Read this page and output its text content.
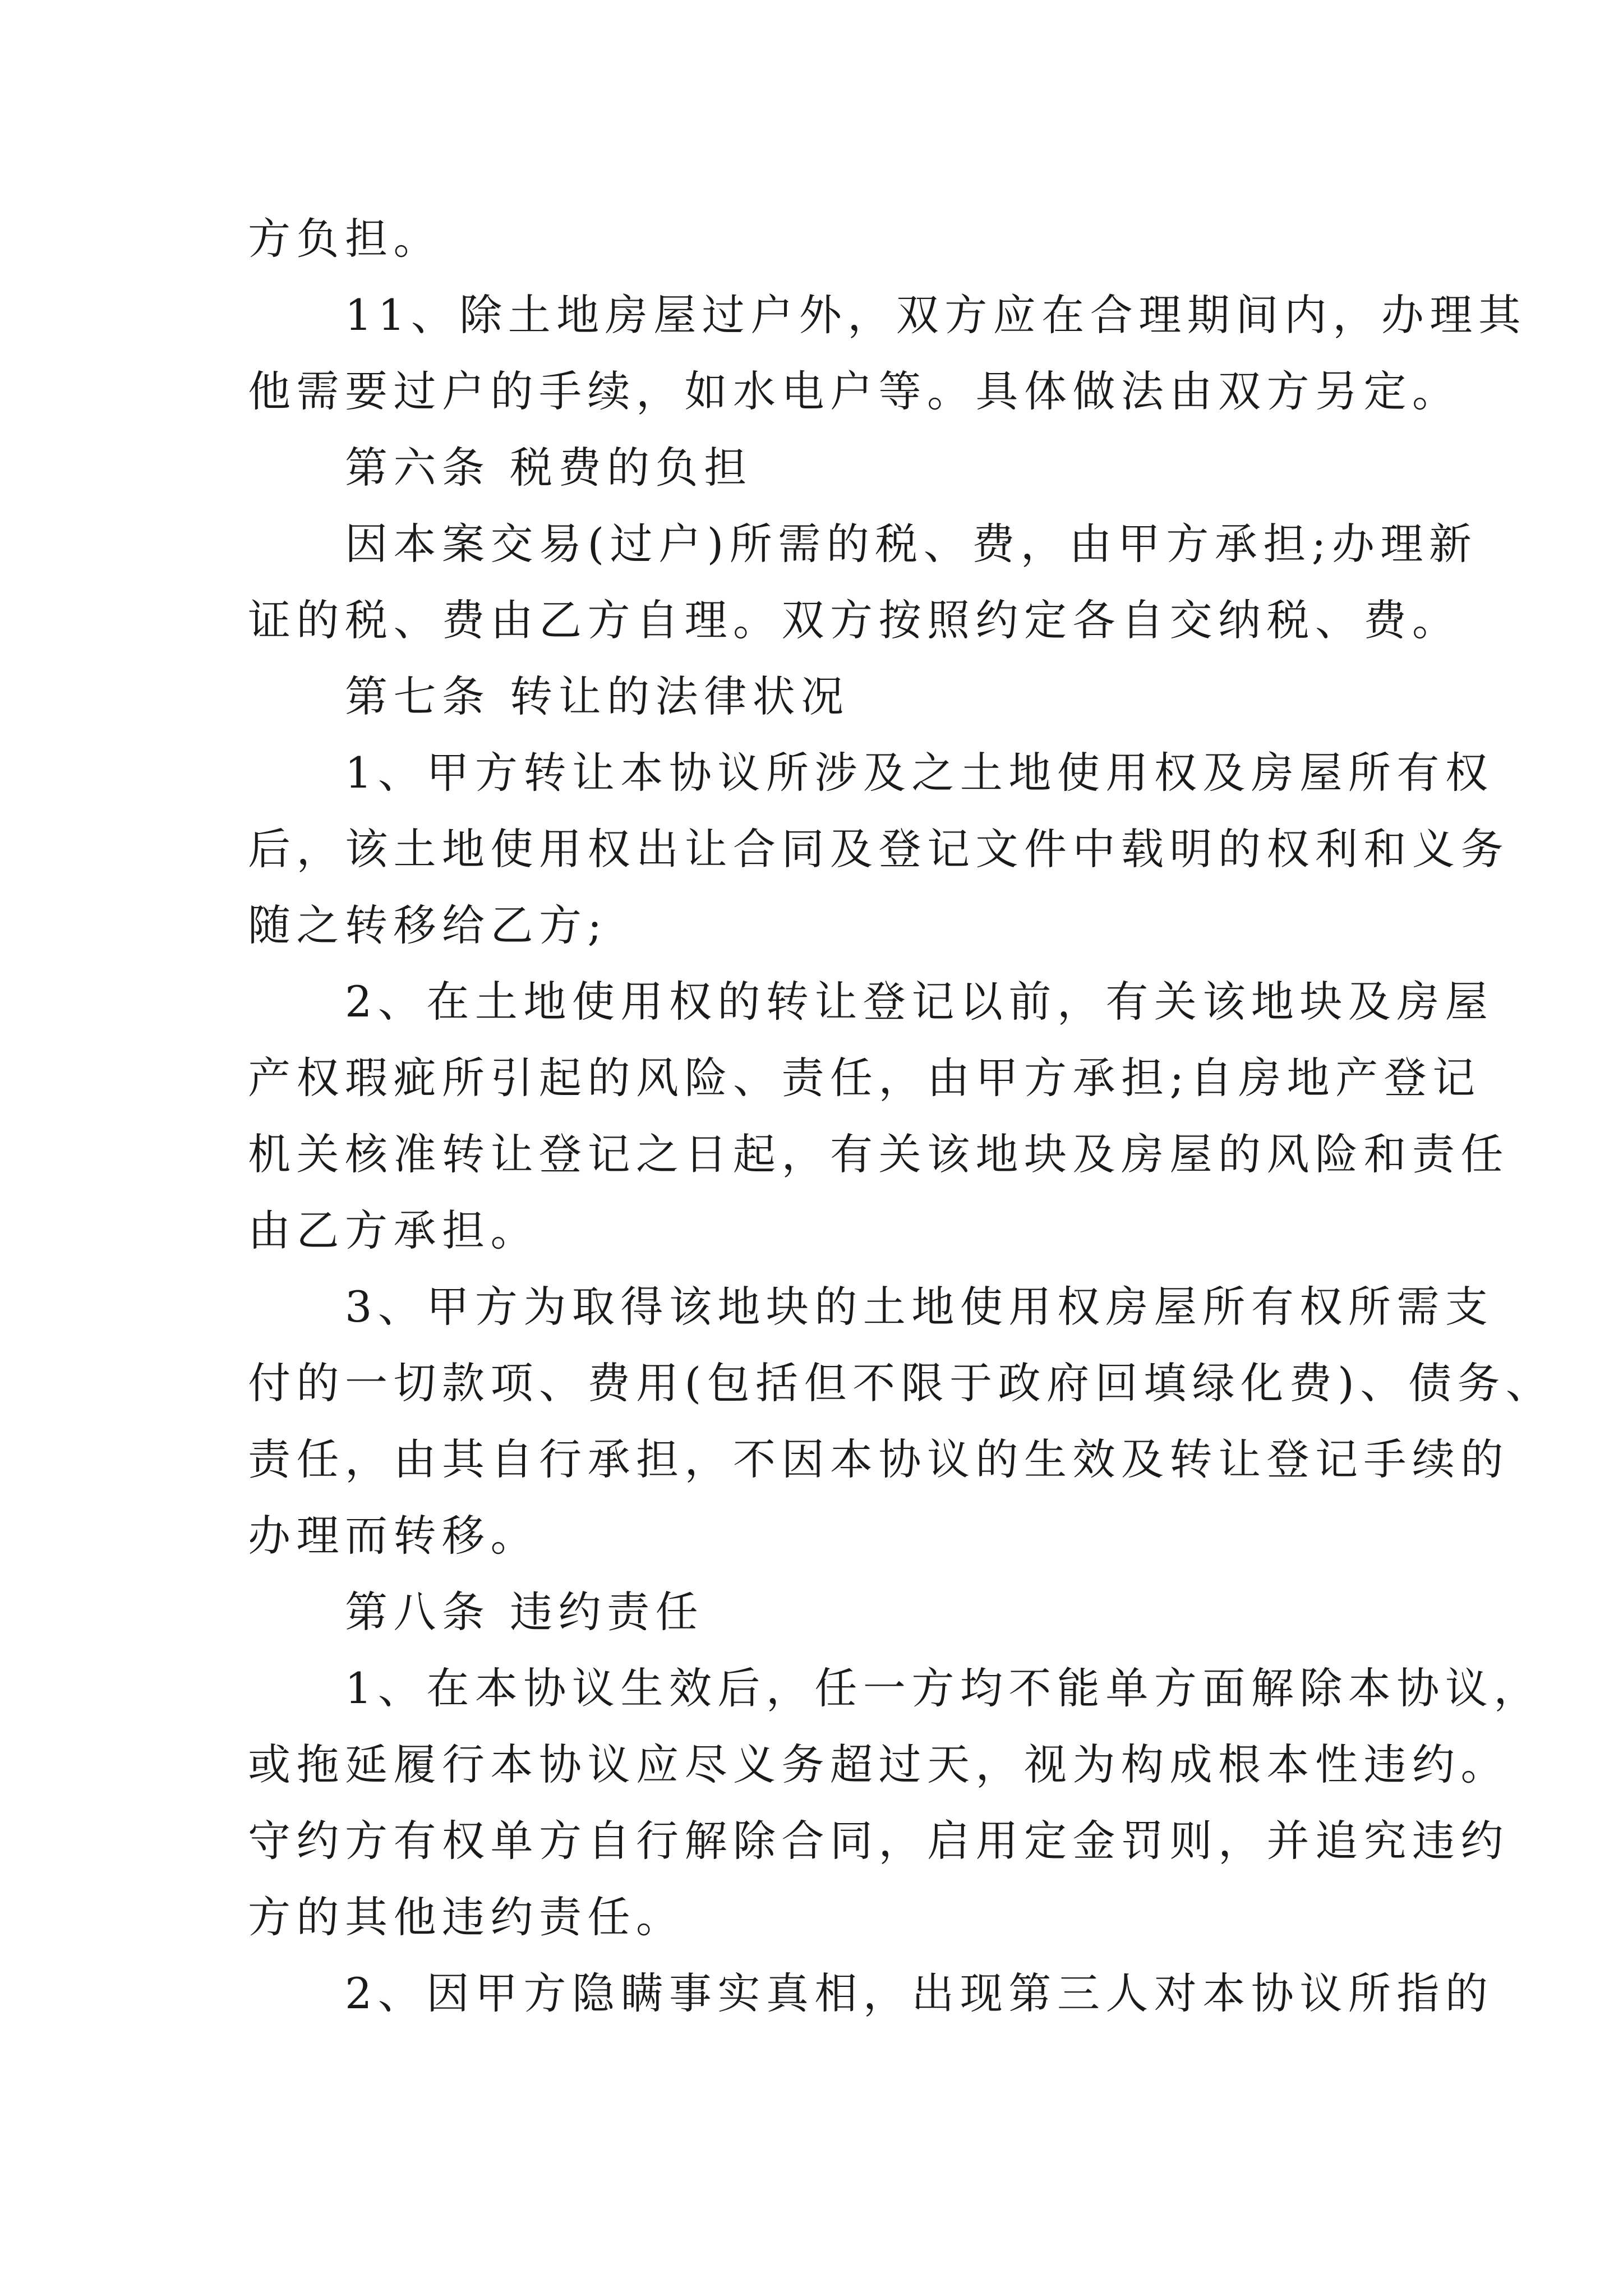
方负担。
　　11、除土地房屋过户外，双方应在合理期间内，办理其
他需要过户的手续，如水电户等。具体做法由双方另定。
　　第六条 税费的负担
　　因本案交易(过户)所需的税、费，由甲方承担;办理新
证的税、费由乙方自理。双方按照约定各自交纳税、费。
　　第七条 转让的法律状况
　　1、甲方转让本协议所涉及之土地使用权及房屋所有权
后，该土地使用权出让合同及登记文件中载明的权利和义务
随之转移给乙方;
　　2、在土地使用权的转让登记以前，有关该地块及房屋
产权瑕疵所引起的风险、责任，由甲方承担;自房地产登记
机关核准转让登记之日起，有关该地块及房屋的风险和责任
由乙方承担。
　　3、甲方为取得该地块的土地使用权房屋所有权所需支
付的一切款项、费用(包括但不限于政府回填绿化费)、债务、
责任，由其自行承担，不因本协议的生效及转让登记手续的
办理而转移。
　　第八条 违约责任
　　1、在本协议生效后，任一方均不能单方面解除本协议，
或拖延履行本协议应尽义务超过天，视为构成根本性违约。
守约方有权单方自行解除合同，启用定金罚则，并追究违约
方的其他违约责任。
　　2、因甲方隐瞒事实真相，出现第三人对本协议所指的
